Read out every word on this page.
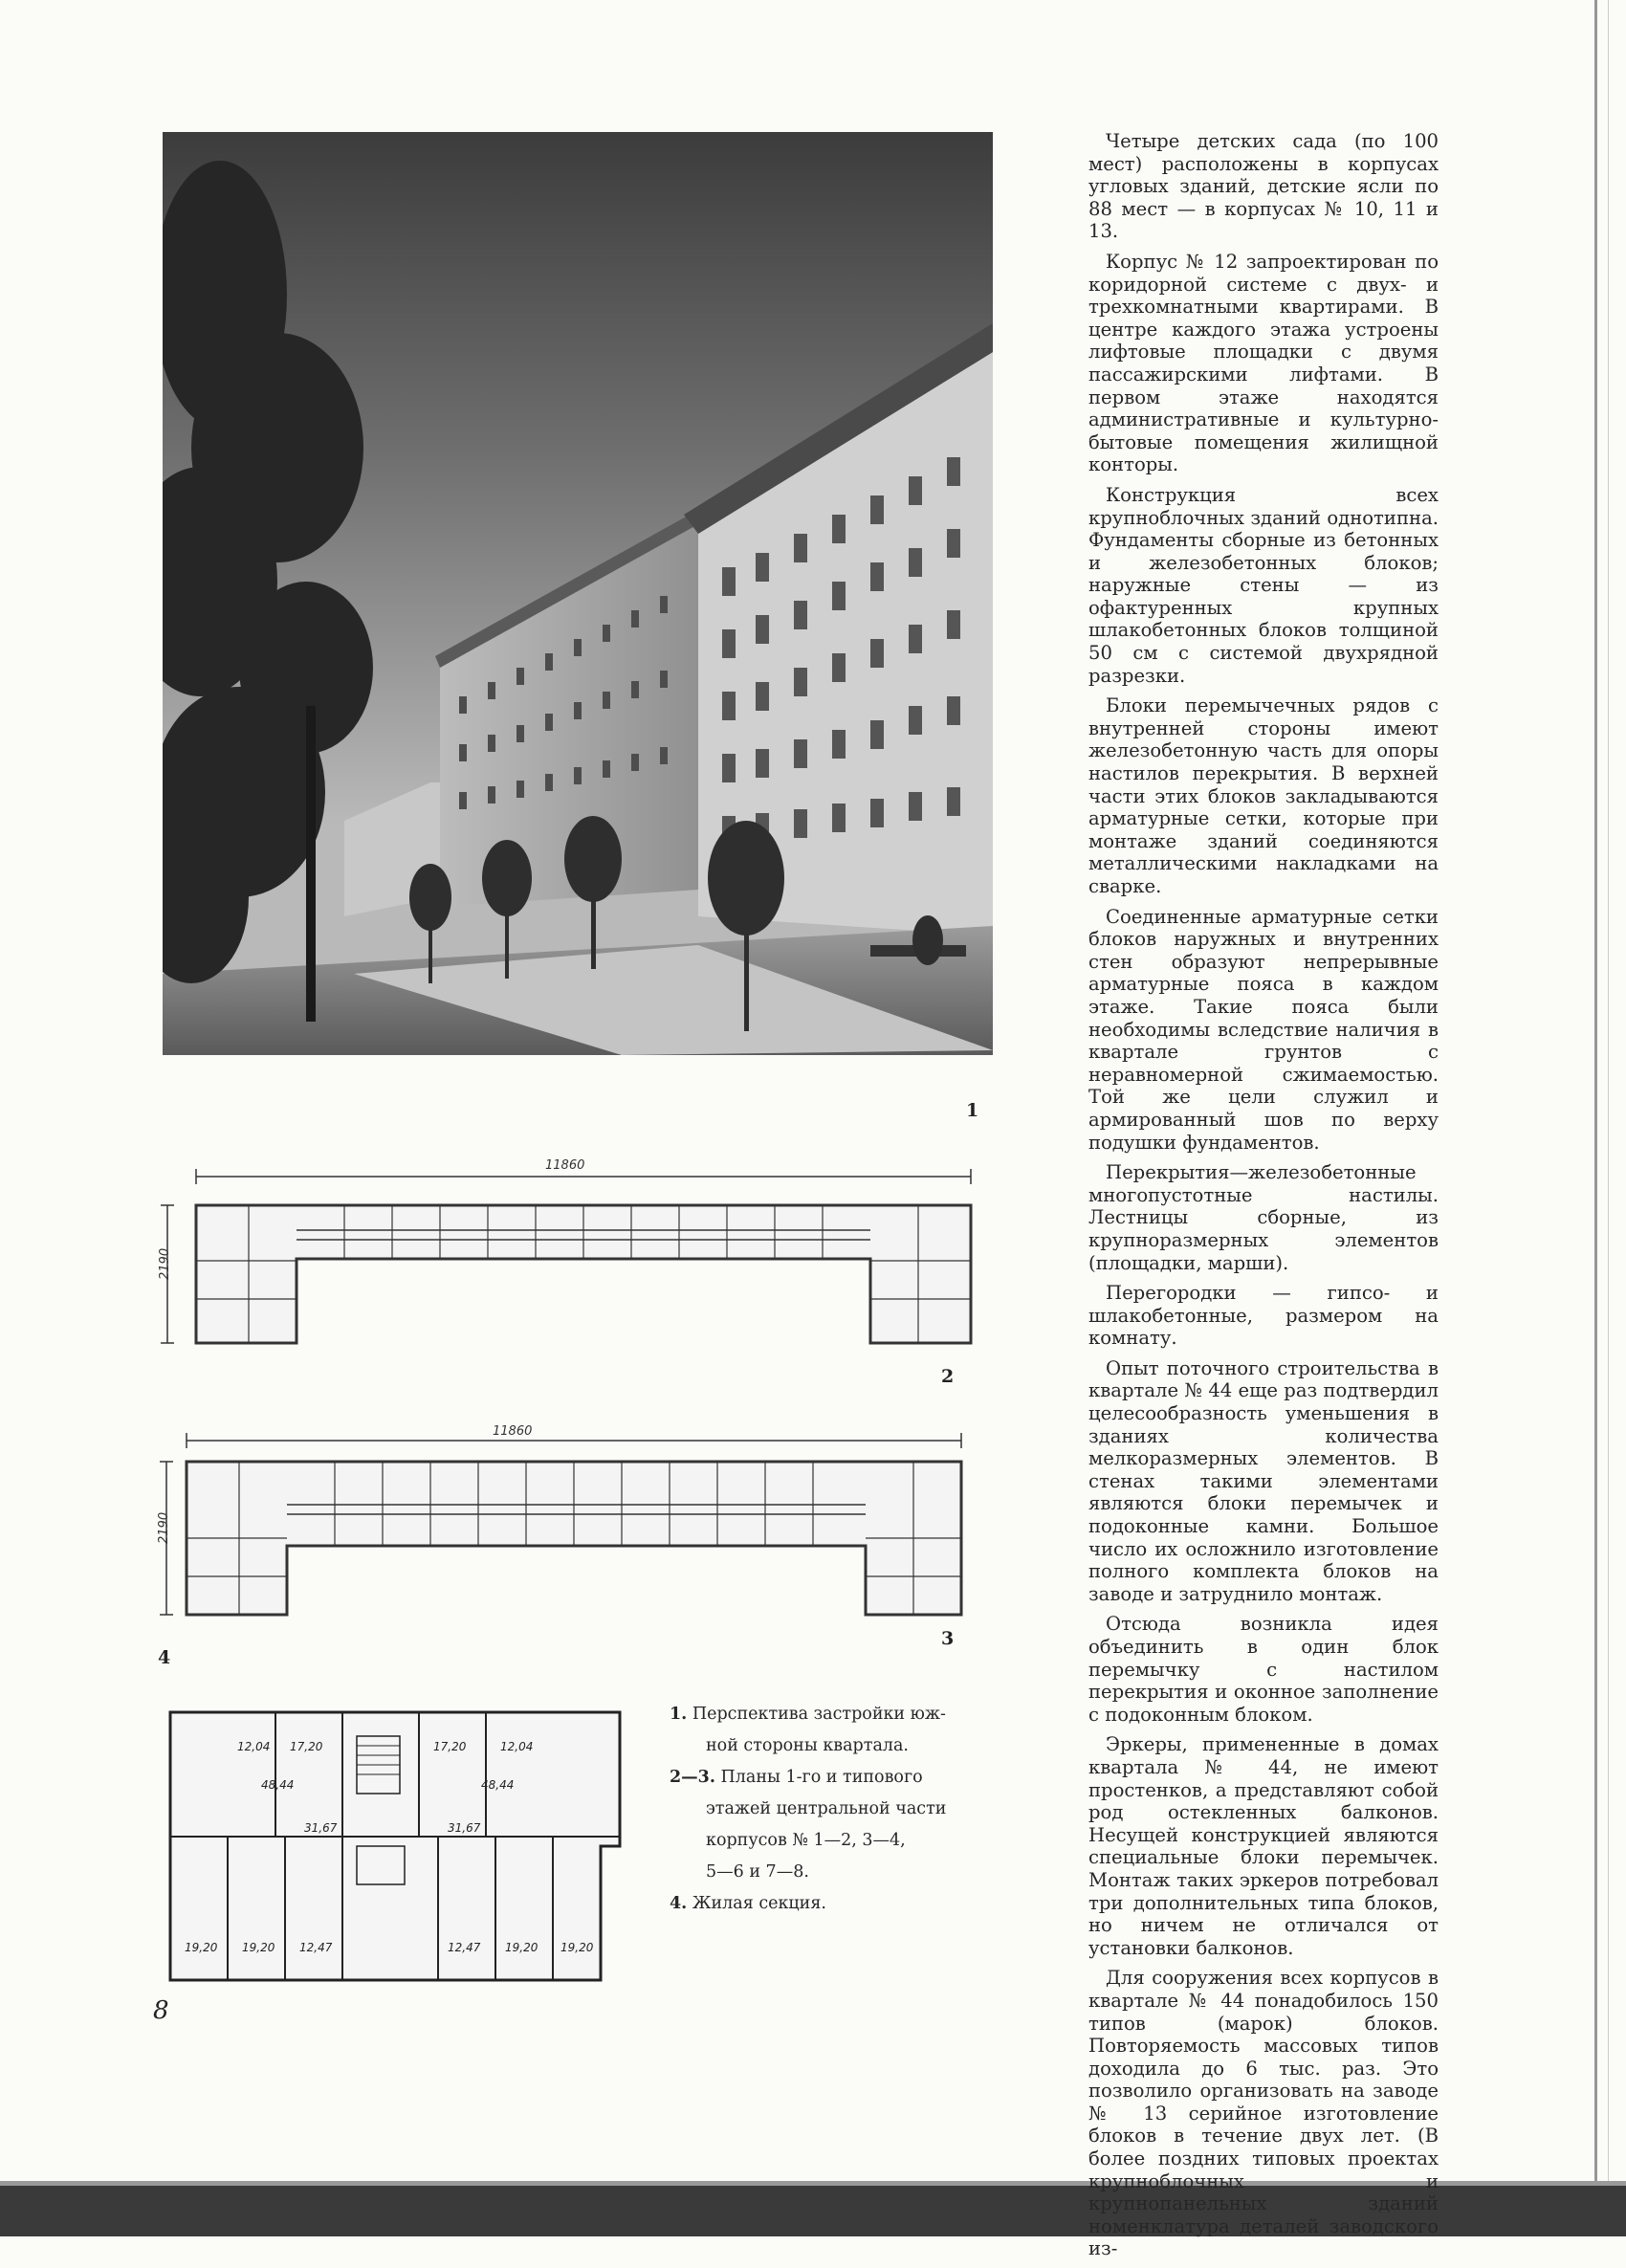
1
11860
2190
2
11860
2190
4
3
12,04 17,20
48,44
17,20	12,04
48,44
31,67	31,67
19,20 19,20 12,47	12,47 19,20 19,20

1. Перспектива застройки юж-

ной стороны квартала.

2—3. Планы 1-го и типового

этажей центральной части

корпусов № 1—2, 3—4,

5—6 и 7—8.

4. Жилая секция.

Четыре детских сада (по 100 мест) расположены в корпусах угловых зданий, детские ясли по 88 мест — в корпусах № 10, 11 и 13.

Корпус № 12 запроектирован по коридорной системе с двух- и трехкомнатными квартирами. В центре каждого этажа устроены лифтовые площадки с двумя пассажирскими лифтами. В первом этаже находятся административные и культурно-бытовые помещения жилищной конторы.

Конструкция всех крупноблочных зданий однотипна. Фундаменты сборные из бетонных и железобетонных блоков; наружные стены — из офактуренных крупных шлакобетонных блоков толщиной 50 см с системой двухрядной разрезки.

Блоки перемычечных рядов с внутренней стороны имеют железобетонную часть для опоры настилов перекрытия. В верхней части этих блоков закладываются арматурные сетки, которые при монтаже зданий соединяются металлическими накладками на сварке.

Соединенные арматурные сетки блоков наружных и внутренних стен образуют непрерывные арматурные пояса в каждом этаже. Такие пояса были необходимы вследствие наличия в квартале грунтов с неравномерной сжимаемостью. Той же цели служил и армированный шов по верху подушки фундаментов.

Перекрытия—железобетонные многопустотные настилы. Лестницы сборные, из крупноразмерных элементов (площадки, марши).

Перегородки — гипсо- и шлакобетонные, размером на комнату.

Опыт поточного строительства в квартале № 44 еще раз подтвердил целесообразность уменьшения в зданиях количества мелкоразмерных элементов. В стенах такими элементами являются блоки перемычек и подоконные камни. Большое число их осложнило изготовление полного комплекта блоков на заводе и затруднило монтаж.

Отсюда возникла идея объединить в один блок перемычку с настилом перекрытия и оконное заполнение с подоконным блоком.

Эркеры, примененные в домах квартала № 44, не имеют простенков, а представляют собой род остекленных балконов. Несущей конструкцией являются специальные блоки перемычек. Монтаж таких эркеров потребовал три дополнительных типа блоков, но ничем не отличался от установки балконов.

Для сооружения всех корпусов в квартале № 44 понадобилось 150 типов (марок) блоков. Повторяемость массовых типов доходила до 6 тыс. раз. Это позволило организовать на заводе № 13 серийное изготовление блоков в течение двух лет. (В более поздних типовых проектах крупноблочных и крупнопанельных зданий номенклатура деталей заводского из-

8
